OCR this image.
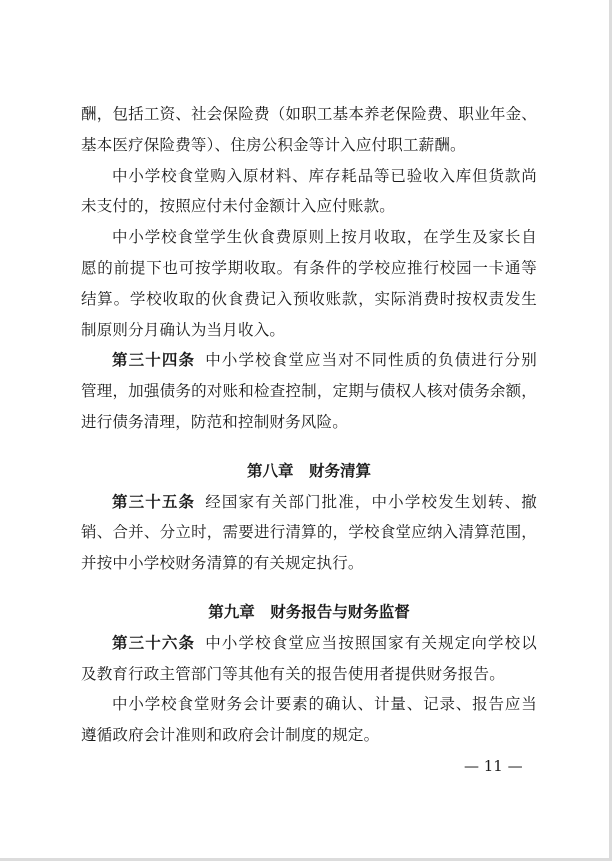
酬，包括工资、社会保险费（如职工基本养老保险费、职业年金、
基本医疗保险费等）、住房公积金等计入应付职工薪酬。
中小学校食堂购入原材料、库存耗品等已验收入库但货款尚
未支付的，按照应付未付金额计入应付账款。
中小学校食堂学生伙食费原则上按月收取，在学生及家长自
愿的前提下也可按学期收取。有条件的学校应推行校园一卡通等
结算。学校收取的伙食费记入预收账款，实际消费时按权责发生
制原则分月确认为当月收入。
第三十四条 中小学校食堂应当对不同性质的负债进行分别
管理，加强债务的对账和检查控制，定期与债权人核对债务余额，
进行债务清理，防范和控制财务风险。
第八章　财务清算
第三十五条 经国家有关部门批准，中小学校发生划转、撤
销、合并、分立时，需要进行清算的，学校食堂应纳入清算范围，
并按中小学校财务清算的有关规定执行。
第九章　财务报告与财务监督
第三十六条 中小学校食堂应当按照国家有关规定向学校以
及教育行政主管部门等其他有关的报告使用者提供财务报告。
中小学校食堂财务会计要素的确认、计量、记录、报告应当
遵循政府会计准则和政府会计制度的规定。
— 11 —
